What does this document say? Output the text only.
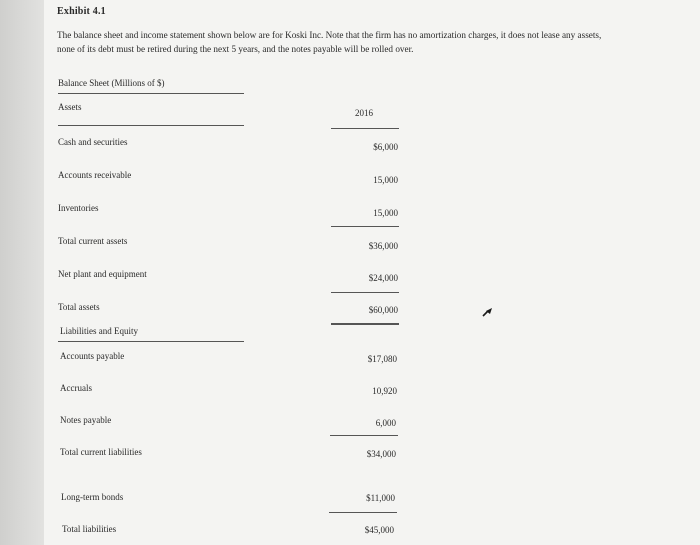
Exhibit 4.1
The balance sheet and income statement shown below are for Koski Inc. Note that the firm has no amortization charges, it does not lease any assets,
none of its debt must be retired during the next 5 years, and the notes payable will be rolled over.
Balance Sheet (Millions of $)
Assets
2016
Cash and securities	$6,000
Accounts receivable	15,000
Inventories	15,000
Total current assets	$36,000
Net plant and equipment	$24,000
Total assets	$60,000
Liabilities and Equity
Accounts payable	$17,080
Accruals	10,920
Notes payable	6,000
Total current liabilities	$34,000
Long-term bonds	$11,000
Total liabilities	$45,000
